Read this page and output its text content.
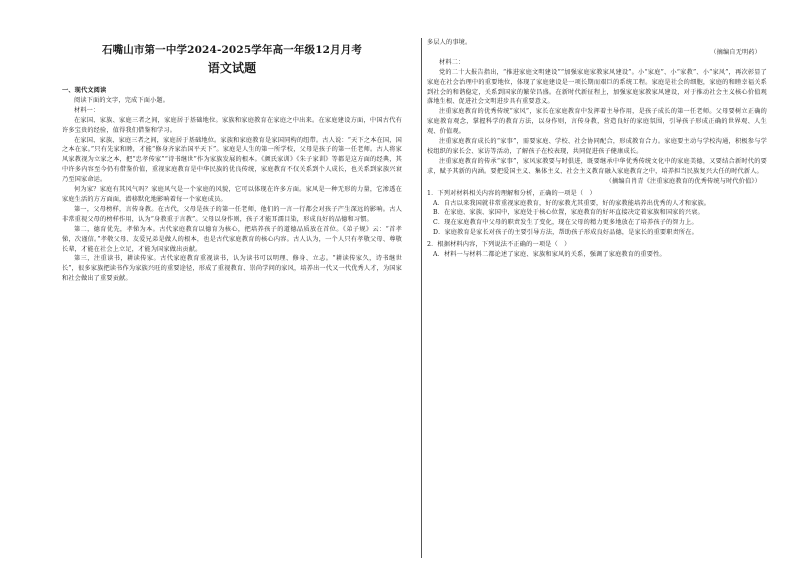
石嘴山市第一中学2024-2025学年高一年级12月月考
语文试题
一、现代文阅读
阅读下面的文字，完成下面小题。
材料一：
在家国、家族、家庭三者之间，家庭居于基础地位。家族和家庭教育在家庭之中出来。在家庭建设方面，中国古代有许多宝贵的经验，值得我们借鉴和学习。
在家国、家族、家庭三者之间，家庭居于基础地位。家族和家庭教育是家国同构的纽带。古人说：“天下之本在国，国之本在家。”只有先家和睦，才能“修身齐家治国平天下”。家庭是人生的第一所学校，父母是孩子的第一任老师。古人将家风家教视为立家之本，把“忠孝传家”“诗书继世”作为家族发展的根本。《颜氏家训》《朱子家训》等都是这方面的经典，其中许多内容至今仍有借鉴价值，重视家庭教育是中华民族的优良传统，家庭教育不仅关系到个人成长，也关系到家族兴衰乃至国家命运。
何为家？家庭有其风气吗？家庭风气是一个家庭的风貌，它可以体现在许多方面。家风是一种无形的力量，它渗透在家庭生活的方方面面，潜移默化地影响着每一个家庭成员。
第一，父母榜样，言传身教。在古代，父母是孩子的第一任老师，他们的一言一行都会对孩子产生深远的影响。古人非常重视父母的榜样作用，认为“身教重于言教”。父母以身作则，孩子才能耳濡目染，形成良好的品德和习惯。
第二，德育优先，孝悌为本。古代家庭教育以德育为核心，把培养孩子的道德品质放在首位。《弟子规》云：“首孝悌，次谨信。”孝敬父母、友爱兄弟是做人的根本，也是古代家庭教育的核心内容。古人认为，一个人只有孝敬父母、尊敬长辈，才能在社会上立足，才能为国家做出贡献。
第三，注重读书，耕读传家。古代家庭教育重视读书，认为读书可以明理、修身、立志。“耕读传家久，诗书继世长”，很多家族把读书作为家族兴旺的重要途径，形成了重视教育、崇尚学问的家风，培养出一代又一代优秀人才，为国家和社会做出了重要贡献。
多层人的事境。
（摘编自无明药）
材料二：
党的二十大报告指出，“推进家庭文明建设”“加强家庭家教家风建设”。小“家庭”、小“家教”、小“家风”，再次彰显了家庭在社会治理中的重要地位，体现了家庭建设是一项长期而艰巨的系统工程。家庭是社会的细胞，家庭的和睦幸福关系到社会的和谐稳定，关系到国家的繁荣昌盛。在新时代新征程上，加强家庭家教家风建设，对于推动社会主义核心价值观落地生根、促进社会文明进步具有重要意义。
注重家庭教育的优秀传统“家风”，家长在家庭教育中发挥着主导作用，是孩子成长的第一任老师。父母要树立正确的家庭教育观念，掌握科学的教育方法，以身作则，言传身教，营造良好的家庭氛围，引导孩子形成正确的世界观、人生观、价值观。
注重家庭教育成长的“家事”，需要家庭、学校、社会协同配合，形成教育合力。家庭要主动与学校沟通，积极参与学校组织的家长会、家访等活动，了解孩子在校表现，共同促进孩子健康成长。
注重家庭教育的传承“家事”，家风家教要与时俱进，既要继承中华优秀传统文化中的家庭美德，又要结合新时代的要求，赋予其新的内涵。要把爱国主义、集体主义、社会主义教育融入家庭教育之中，培养担当民族复兴大任的时代新人。
（摘编自肖青《注重家庭教育的优秀传统与时代价值》）
1．下列对材料相关内容的理解和分析，正确的一项是（　）
A．自古以来我国就非常重视家庭教育，好的家教尤其重要，好的家教能培养出优秀的人才和家族。
B．在家庭、家族、家国中，家庭处于核心位置，家庭教育的好坏直接决定着家族和国家的兴衰。
C．现在家庭教育中父母的职责发生了变化，现在父母的精力更多地放在了培养孩子的智力上。
D．家庭教育是家长对孩子的主要引导方法，帮助孩子形成良好品德，是家长的重要职责所在。
2．根据材料内容，下列说法不正确的一项是（　）
A．材料一与材料二都论述了家庭、家族和家风的关系，强调了家庭教育的重要性。
